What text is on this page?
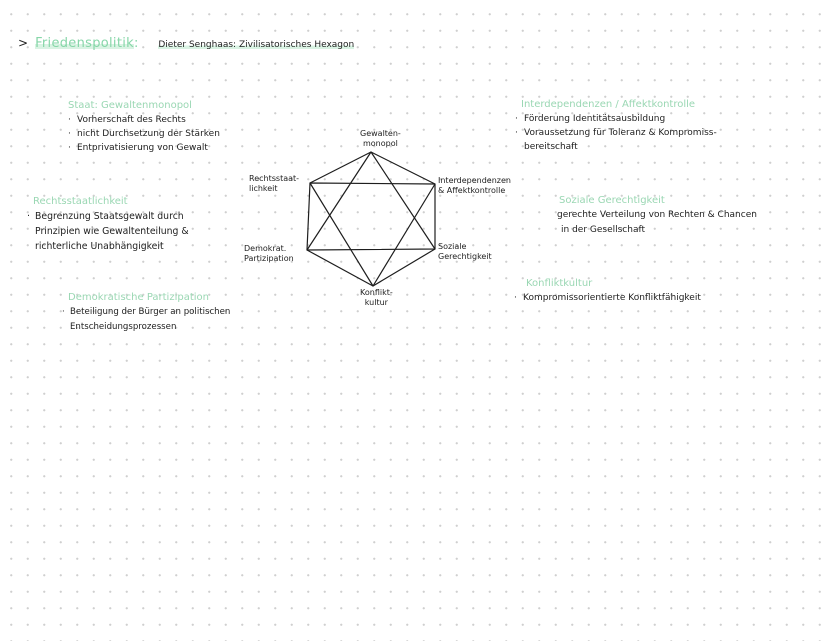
> Friedenspolitik : Dieter Senghaas: Zivilisatorisches Hexagon
Staat: Gewaltenmonopol
· Vorherschaft des Rechts
· nicht Durchsetzung der Stärken
· Entprivatisierung von Gewalt
Rechtsstaatlichkeit
· Begrenzung Staatsgewalt durch
Prinzipien wie Gewaltenteilung &
richterliche Unabhängigkeit
Demokratische Partizipation
· Beteiligung der Bürger an politischen
Entscheidungsprozessen
Interdependenzen / Affektkontrolle
· Förderung Identitätsausbildung
· Voraussetzung für Toleranz & Kompromiss-
bereitschaft
Soziale Gerechtigkeit
gerechte Verteilung von Rechten & Chancen
in der Gesellschaft
Konfliktkultur
· Kompromissorientierte Konfliktfähigkeit
Gewalten-
monopol
Rechtsstaat-
lichkeit
Interdependenzen
& Affektkontrolle
Demokrat.
Partizipation
Soziale
Gerechtigkeit
Konflikt-
kultur
